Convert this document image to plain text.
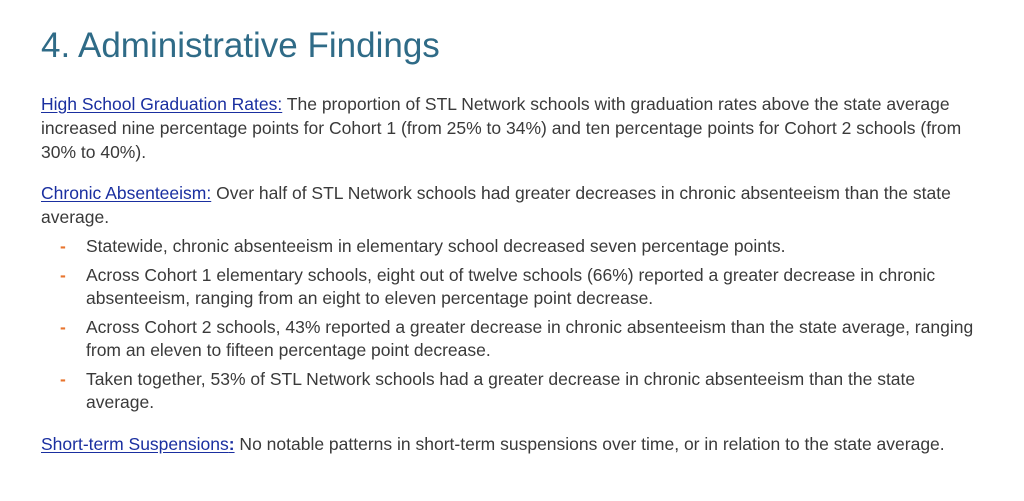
4. Administrative Findings

High School Graduation Rates: The proportion of STL Network schools with graduation rates above the state average increased nine percentage points for Cohort 1 (from 25% to 34%) and ten percentage points for Cohort 2 schools (from 30% to 40%).

Chronic Absenteeism: Over half of STL Network schools had greater decreases in chronic absenteeism than the state average.

- Statewide, chronic absenteeism in elementary school decreased seven percentage points.
- Across Cohort 1 elementary schools, eight out of twelve schools (66%) reported a greater decrease in chronic absenteeism, ranging from an eight to eleven percentage point decrease.
- Across Cohort 2 schools, 43% reported a greater decrease in chronic absenteeism than the state average, ranging from an eleven to fifteen percentage point decrease.
- Taken together, 53% of STL Network schools had a greater decrease in chronic absenteeism than the state average.

Short-term Suspensions: No notable patterns in short-term suspensions over time, or in relation to the state average.
